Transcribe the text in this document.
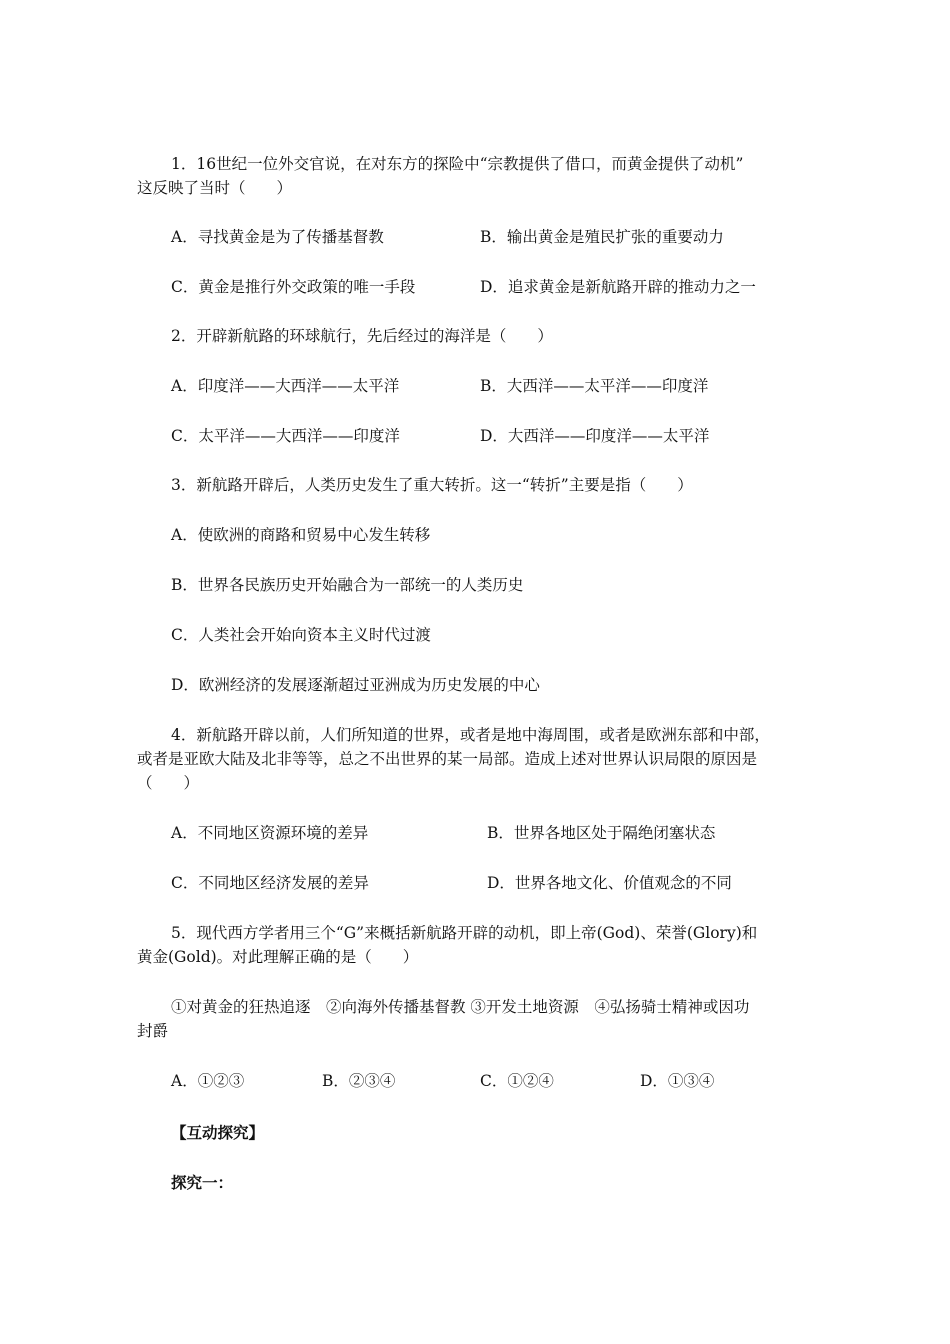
1．16世纪一位外交官说，在对东方的探险中“宗教提供了借口，而黄金提供了动机”
这反映了当时（　　）
A．寻找黄金是为了传播基督教	B．输出黄金是殖民扩张的重要动力
C．黄金是推行外交政策的唯一手段	D．追求黄金是新航路开辟的推动力之一
2．开辟新航路的环球航行，先后经过的海洋是（　　）
A．印度洋——大西洋——太平洋	B．大西洋——太平洋——印度洋
C．太平洋——大西洋——印度洋	D．大西洋——印度洋——太平洋
3．新航路开辟后，人类历史发生了重大转折。这一“转折”主要是指（　　）
A．使欧洲的商路和贸易中心发生转移
B．世界各民族历史开始融合为一部统一的人类历史
C．人类社会开始向资本主义时代过渡
D．欧洲经济的发展逐渐超过亚洲成为历史发展的中心
4．新航路开辟以前，人们所知道的世界，或者是地中海周围，或者是欧洲东部和中部，
或者是亚欧大陆及北非等等，总之不出世界的某一局部。造成上述对世界认识局限的原因是
（　　）
A．不同地区资源环境的差异	B．世界各地区处于隔绝闭塞状态
C．不同地区经济发展的差异	D．世界各地文化、价值观念的不同
5．现代西方学者用三个“G”来概括新航路开辟的动机，即上帝(God)、荣誉(Glory)和
黄金(Gold)。对此理解正确的是（　　）
①对黄金的狂热追逐　②向海外传播基督教 ③开发土地资源　④弘扬骑士精神或因功
封爵
A．①②③	B．②③④	C．①②④	D．①③④
【互动探究】
探究一：
